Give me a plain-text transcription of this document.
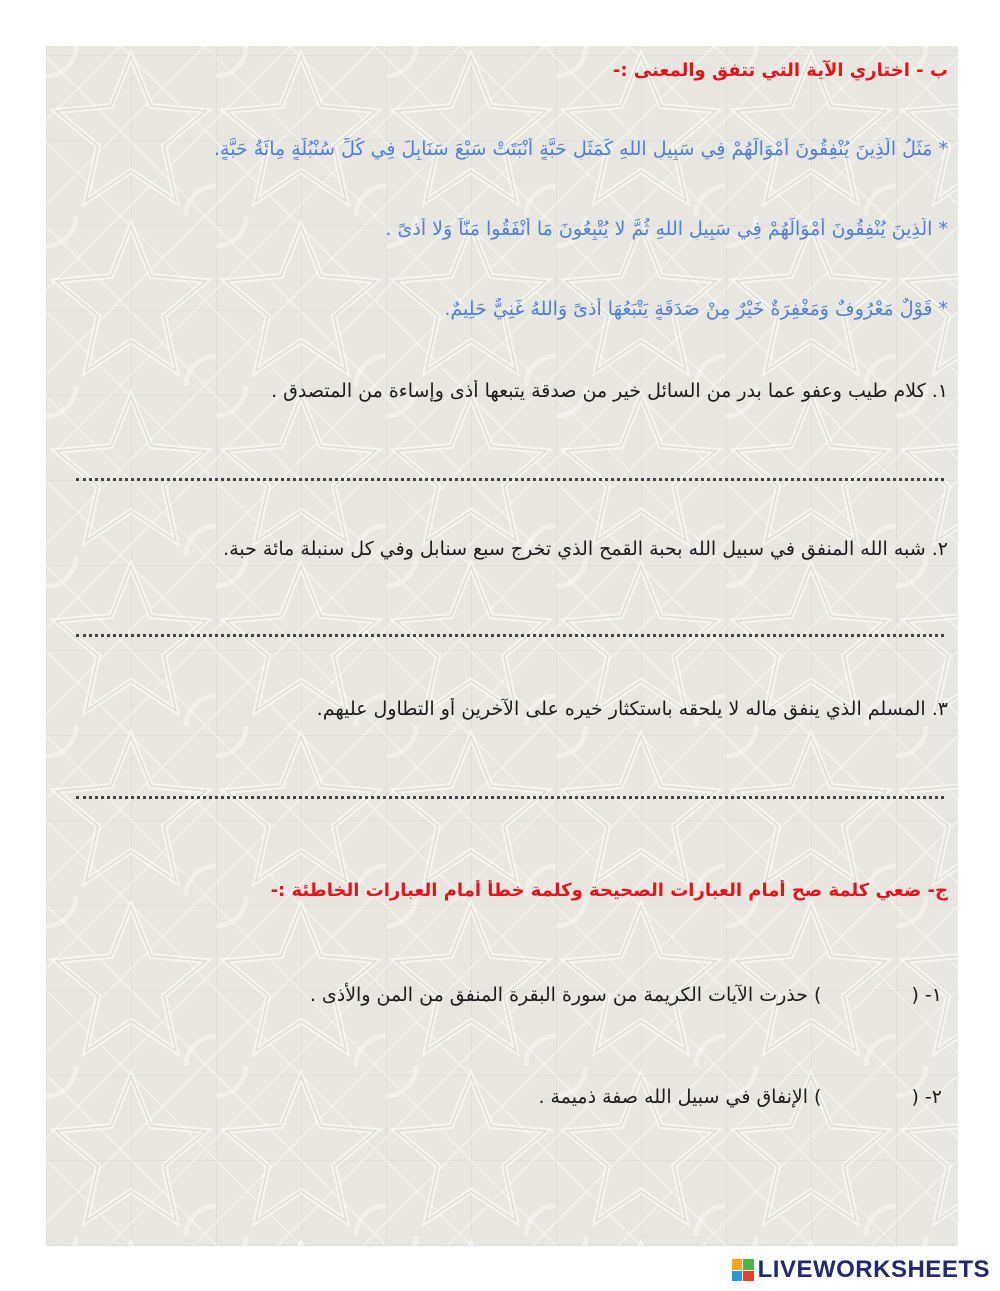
ب - اختاري الآية التي تتفق والمعنى :-
* مَثَلُ الَّذِينَ يُنْفِقُونَ أَمْوَالَهُمْ فِي سَبِيلِ اللهِ كَمَثَلِ حَبَّةٍ أَنْبَتَتْ سَبْعَ سَنَابِلَ فِي كُلِّ سُنْبُلَةٍ مِائَةُ حَبَّةٍ.
* الَّذِينَ يُنْفِقُونَ أَمْوَالَهُمْ فِي سَبِيلِ اللهِ ثُمَّ لا يُتْبِعُونَ مَا أَنْفَقُوا مَنّاً وَلا أَذىً .
* قَوْلٌ مَعْرُوفٌ وَمَغْفِرَةٌ خَيْرٌ مِنْ صَدَقَةٍ يَتْبَعُهَا أَذىً وَاللهُ غَنِيٌّ حَلِيمٌ.
١. كلام طيب وعفو عما بدر من السائل خير من صدقة يتبعها أذى وإساءة من المتصدق .
٢. شبه الله المنفق في سبيل الله بحبة القمح الذي تخرج سبع سنابل وفي كل سنبلة مائة حبة.
٣. المسلم الذي ينفق ماله لا يلحقه باستكثار خيره على الآخرين أو التطاول عليهم.
ج- ضعي كلمة صح أمام العبارات الصحيحة وكلمة خطأ أمام العبارات الخاطئة :-
١- () حذرت الآيات الكريمة من سورة البقرة المنفق من المن والأذى .
٢- () الإنفاق في سبيل الله صفة ذميمة .
LIVEWORKSHEETS
